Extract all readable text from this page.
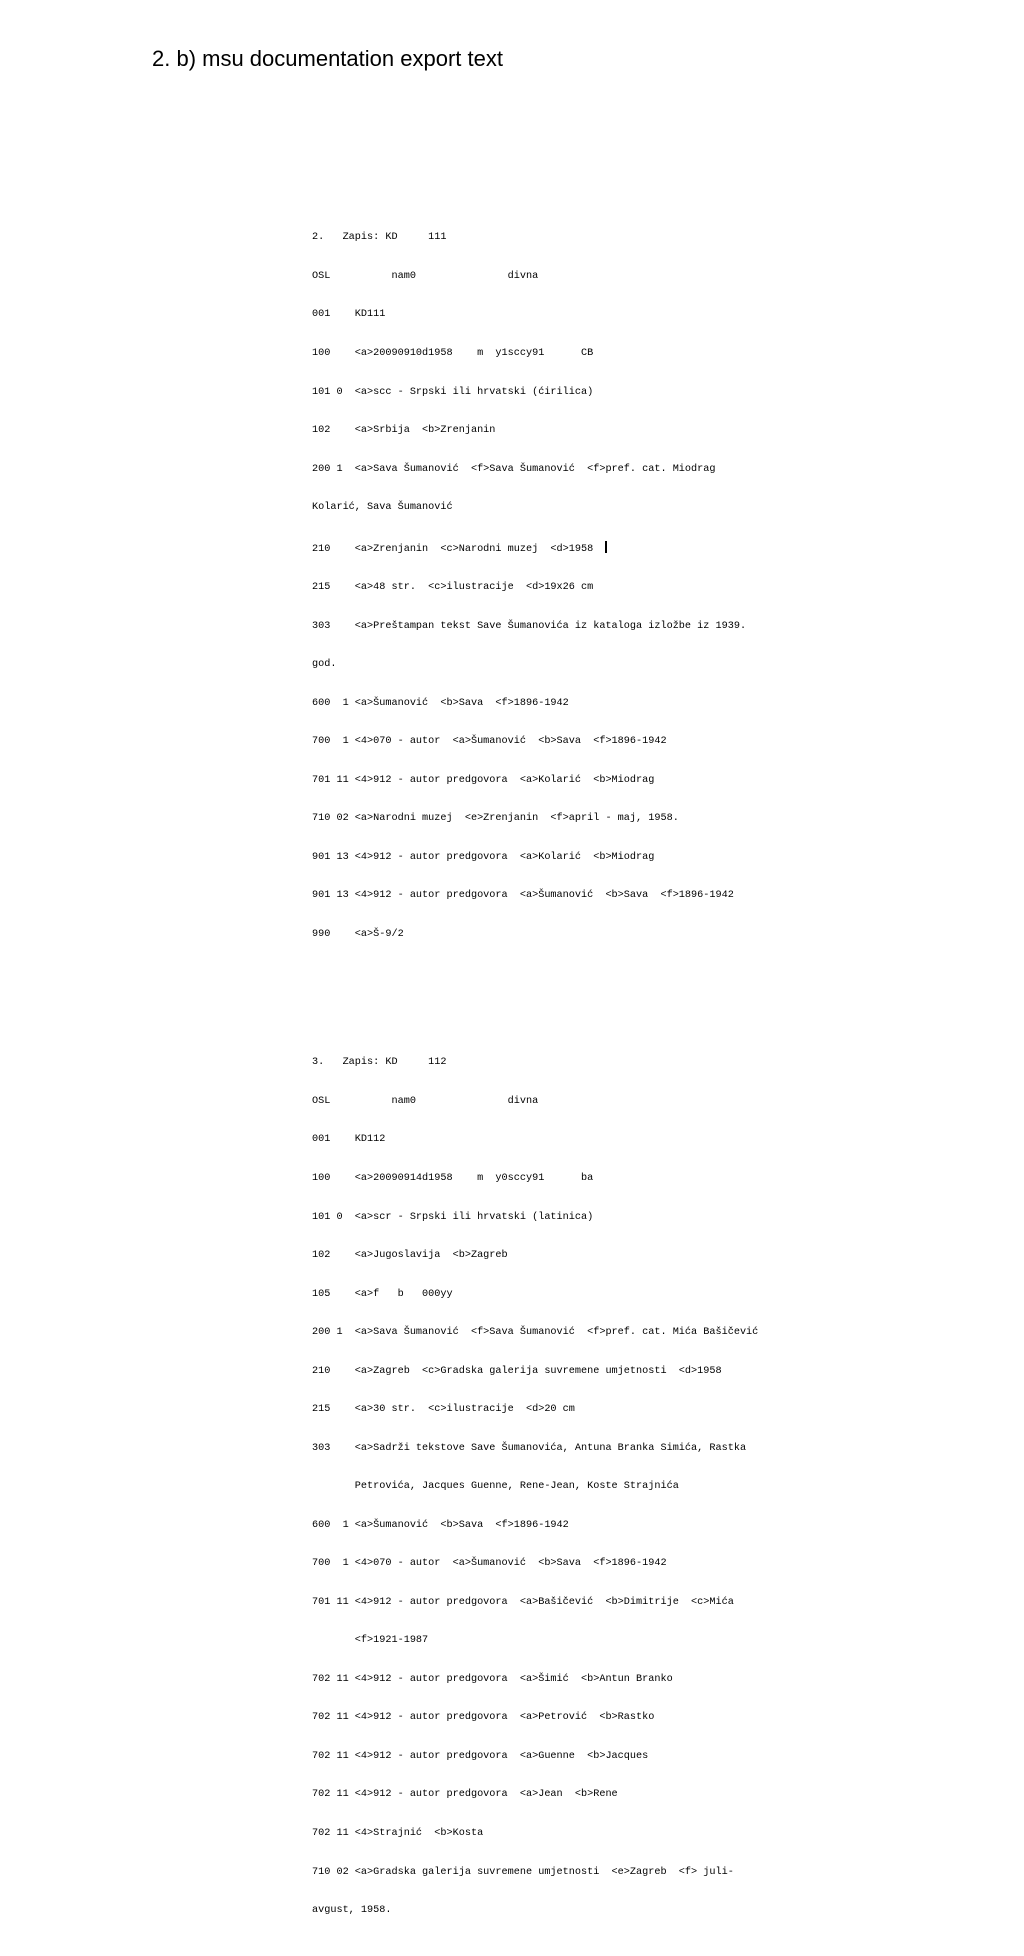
2. b) msu documentation export text

2.   Zapis: KD     111

OSL          nam0               divna

001    KD111

100    <a>20090910d1958    m  y1sccy91      CB

101 0  <a>scc - Srpski ili hrvatski (ćirilica)

102    <a>Srbija  <b>Zrenjanin

200 1  <a>Sava Šumanović  <f>Sava Šumanović  <f>pref. cat. Miodrag

Kolarić, Sava Šumanović

210    <a>Zrenjanin  <c>Narodni muzej  <d>1958

215    <a>48 str.  <c>ilustracije  <d>19x26 cm

303    <a>Preštampan tekst Save Šumanovića iz kataloga izložbe iz 1939.

god.

600  1 <a>Šumanović  <b>Sava  <f>1896-1942

700  1 <4>070 - autor  <a>Šumanović  <b>Sava  <f>1896-1942

701 11 <4>912 - autor predgovora  <a>Kolarić  <b>Miodrag

710 02 <a>Narodni muzej  <e>Zrenjanin  <f>april - maj, 1958.

901 13 <4>912 - autor predgovora  <a>Kolarić  <b>Miodrag

901 13 <4>912 - autor predgovora  <a>Šumanović  <b>Sava  <f>1896-1942

990    <a>Š-9/2

3.   Zapis: KD     112

OSL          nam0               divna

001    KD112

100    <a>20090914d1958    m  y0sccy91      ba

101 0  <a>scr - Srpski ili hrvatski (latinica)

102    <a>Jugoslavija  <b>Zagreb

105    <a>f   b   000yy

200 1  <a>Sava Šumanović  <f>Sava Šumanović  <f>pref. cat. Mića Bašičević

210    <a>Zagreb  <c>Gradska galerija suvremene umjetnosti  <d>1958

215    <a>30 str.  <c>ilustracije  <d>20 cm

303    <a>Sadrži tekstove Save Šumanovića, Antuna Branka Simića, Rastka

Petrovića, Jacques Guenne, Rene-Jean, Koste Strajnića

600  1 <a>Šumanović  <b>Sava  <f>1896-1942

700  1 <4>070 - autor  <a>Šumanović  <b>Sava  <f>1896-1942

701 11 <4>912 - autor predgovora  <a>Bašičević  <b>Dimitrije  <c>Mića

<f>1921-1987

702 11 <4>912 - autor predgovora  <a>Šimić  <b>Antun Branko

702 11 <4>912 - autor predgovora  <a>Petrović  <b>Rastko

702 11 <4>912 - autor predgovora  <a>Guenne  <b>Jacques

702 11 <4>912 - autor predgovora  <a>Jean  <b>Rene

702 11 <4>Strajnić  <b>Kosta

710 02 <a>Gradska galerija suvremene umjetnosti  <e>Zagreb  <f> juli-

avgust, 1958.
